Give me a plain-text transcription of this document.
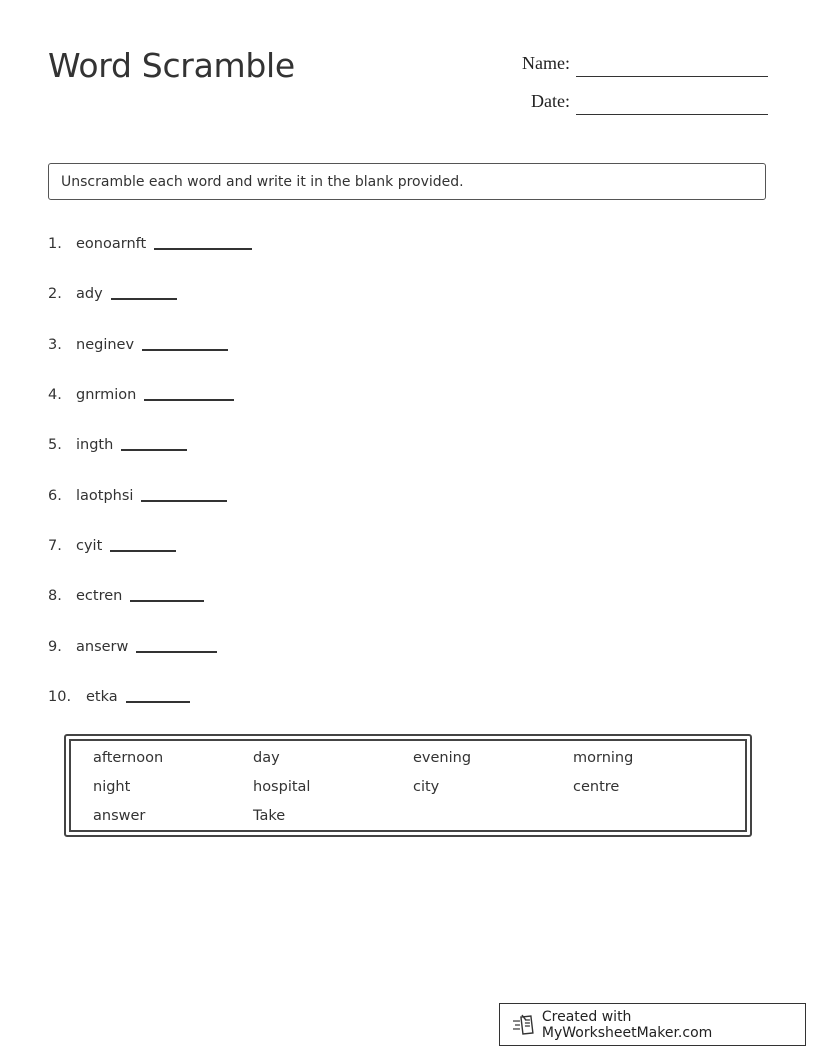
Word Scramble	Name:
Date:
Unscramble each word and write it in the blank provided.
1. eonoarnft
2. ady
3. neginev
4. gnrmion
5. ingth
6. laotphsi
7. cyit
8. ectren
9. anserw
10.	etka
afternoon	day	evening	morning
night	hospital	city	centre
answer	Take
Created with MyWorksheetMaker.com
